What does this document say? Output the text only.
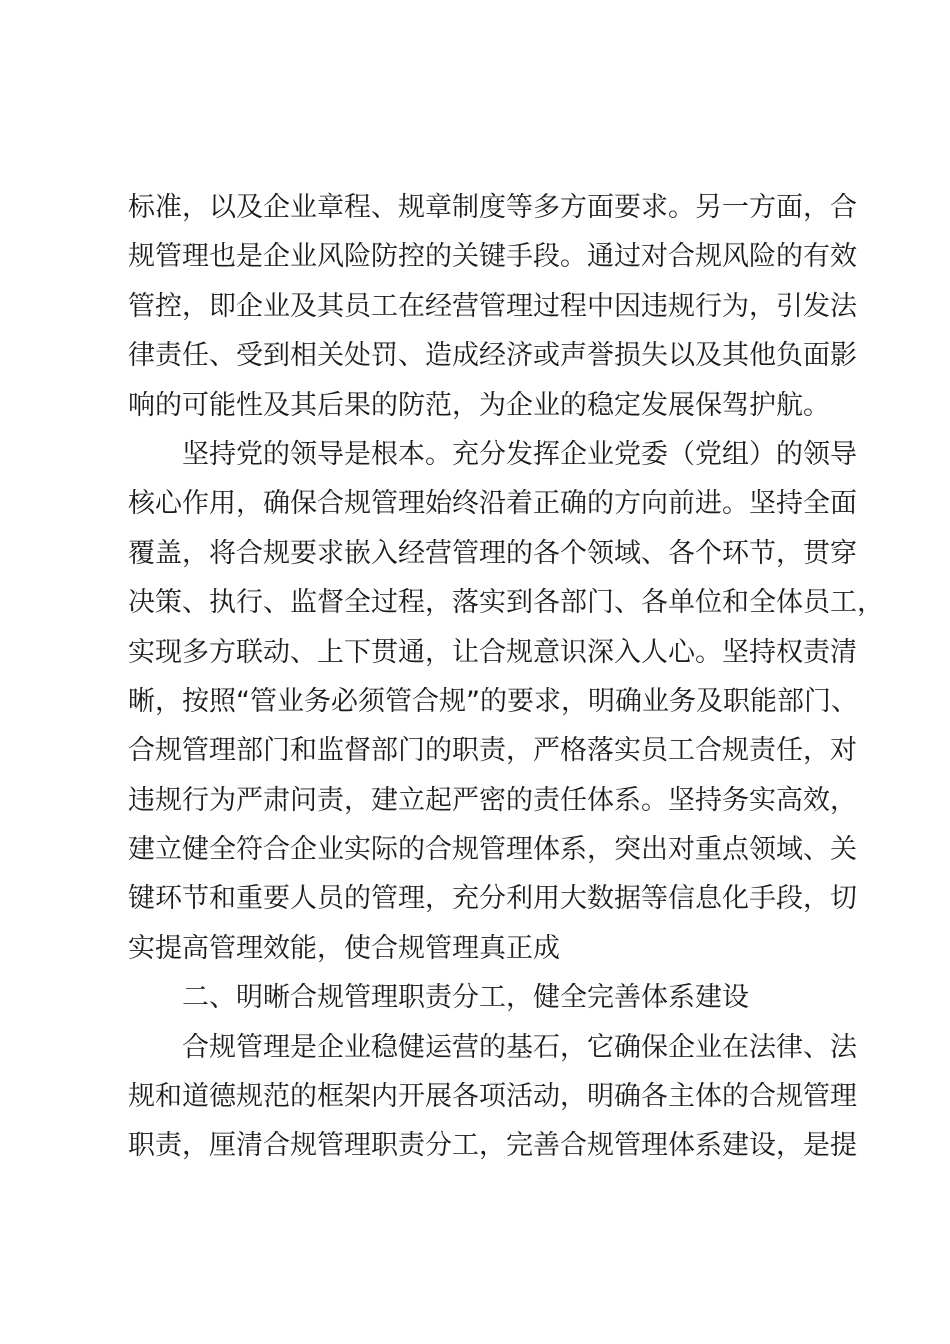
标准，以及企业章程、规章制度等多方面要求。另一方面，合
规管理也是企业风险防控的关键手段。通过对合规风险的有效
管控，即企业及其员工在经营管理过程中因违规行为，引发法
律责任、受到相关处罚、造成经济或声誉损失以及其他负面影
响的可能性及其后果的防范，为企业的稳定发展保驾护航。
坚持党的领导是根本。充分发挥企业党委（党组）的领导
核心作用，确保合规管理始终沿着正确的方向前进。坚持全面
覆盖，将合规要求嵌入经营管理的各个领域、各个环节，贯穿
决策、执行、监督全过程，落实到各部门、各单位和全体员工，
实现多方联动、上下贯通，让合规意识深入人心。坚持权责清
晰，按照“管业务必须管合规”的要求，明确业务及职能部门、
合规管理部门和监督部门的职责，严格落实员工合规责任，对
违规行为严肃问责，建立起严密的责任体系。坚持务实高效，
建立健全符合企业实际的合规管理体系，突出对重点领域、关
键环节和重要人员的管理，充分利用大数据等信息化手段，切
实提高管理效能，使合规管理真正成
二、明晰合规管理职责分工，健全完善体系建设
合规管理是企业稳健运营的基石，它确保企业在法律、法
规和道德规范的框架内开展各项活动，明确各主体的合规管理
职责，厘清合规管理职责分工，完善合规管理体系建设，是提
